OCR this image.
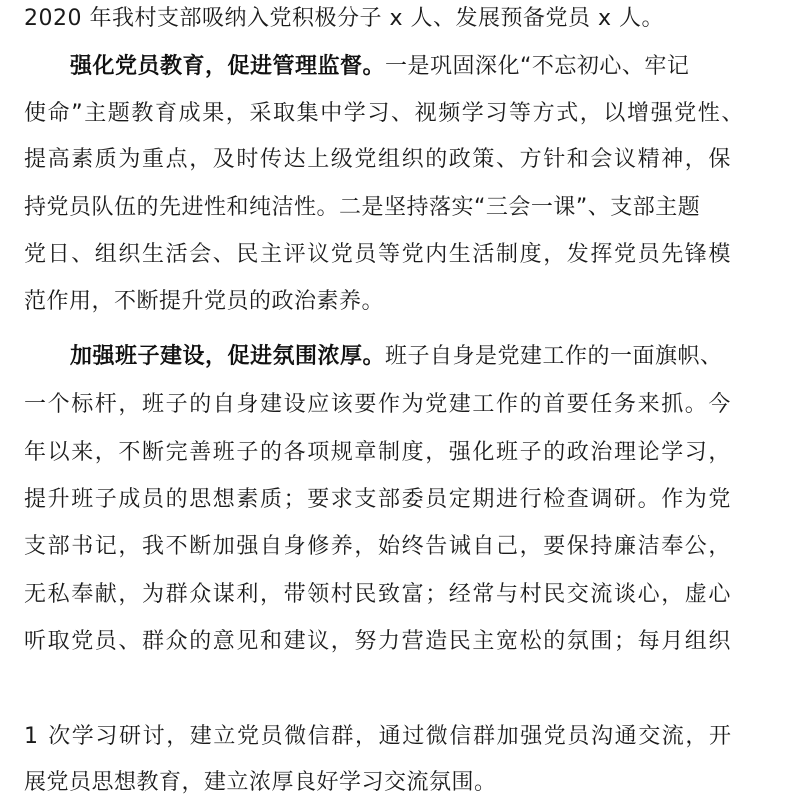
2020 年我村支部吸纳入党积极分子 x 人、发展预备党员 x 人。
强化党员教育，促进管理监督。一是巩固深化“不忘初心、牢记
使命”主题教育成果，采取集中学习、视频学习等方式，以增强党性、
提高素质为重点，及时传达上级党组织的政策、方针和会议精神，保
持党员队伍的先进性和纯洁性。二是坚持落实“三会一课”、支部主题
党日、组织生活会、民主评议党员等党内生活制度，发挥党员先锋模
范作用，不断提升党员的政治素养。
加强班子建设，促进氛围浓厚。班子自身是党建工作的一面旗帜、
一个标杆，班子的自身建设应该要作为党建工作的首要任务来抓。今
年以来，不断完善班子的各项规章制度，强化班子的政治理论学习，
提升班子成员的思想素质；要求支部委员定期进行检查调研。作为党
支部书记，我不断加强自身修养，始终告诫自己，要保持廉洁奉公，
无私奉献，为群众谋利，带领村民致富；经常与村民交流谈心，虚心
听取党员、群众的意见和建议，努力营造民主宽松的氛围；每月组织
1 次学习研讨，建立党员微信群，通过微信群加强党员沟通交流，开
展党员思想教育，建立浓厚良好学习交流氛围。
